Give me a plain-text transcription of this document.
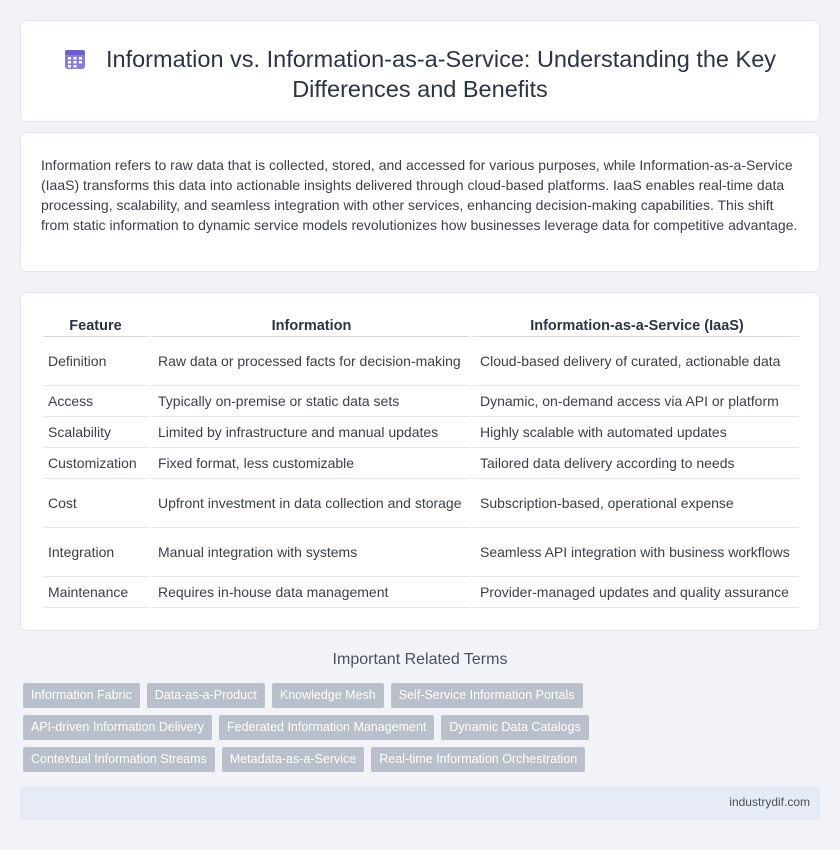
Information vs. Information-as-a-Service: Understanding the Key Differences and Benefits

Information refers to raw data that is collected, stored, and accessed for various purposes, while Information-as-a-Service (IaaS) transforms this data into actionable insights delivered through cloud-based platforms. IaaS enables real-time data processing, scalability, and seamless integration with other services, enhancing decision-making capabilities. This shift from static information to dynamic service models revolutionizes how businesses leverage data for competitive advantage.

Feature	Information	Information-as-a-Service (IaaS)
Definition	Raw data or processed facts for decision-making	Cloud-based delivery of curated, actionable data
Access	Typically on-premise or static data sets	Dynamic, on-demand access via API or platform
Scalability	Limited by infrastructure and manual updates	Highly scalable with automated updates
Customization	Fixed format, less customizable	Tailored data delivery according to needs
Cost	Upfront investment in data collection and storage	Subscription-based, operational expense
Integration	Manual integration with systems	Seamless API integration with business workflows
Maintenance	Requires in-house data management	Provider-managed updates and quality assurance
Important Related Terms
Information Fabric	Data-as-a-Product	Knowledge Mesh	Self-Service Information Portals
API-driven Information Delivery	Federated Information Management	Dynamic Data Catalogs
Contextual Information Streams	Metadata-as-a-Service	Real-time Information Orchestration
industrydif.com
